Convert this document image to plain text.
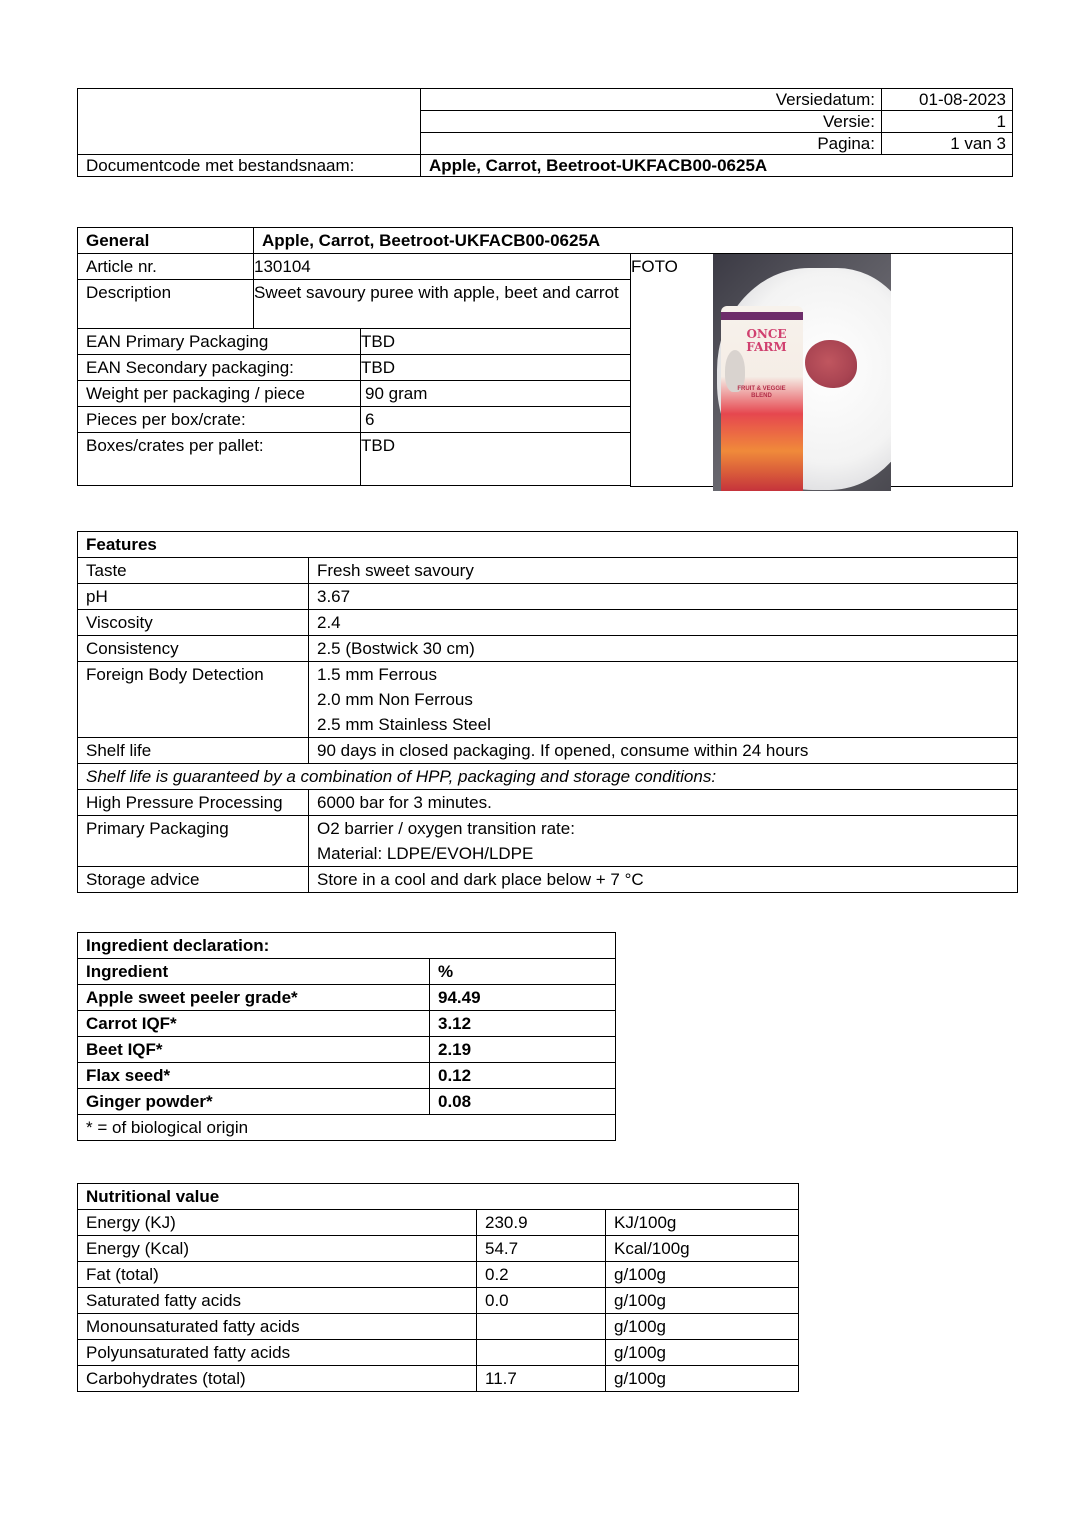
	Versiedatum:	01-08-2023
	Versie:	1
	Pagina:	1 van 3
Documentcode met bestandsnaam:	Apple, Carrot, Beetroot-UKFACB00-0625A	
General	Apple, Carrot, Beetroot-UKFACB00-0625A				
Article nr.	130104		FOTO	ONCE FARM
FRUIT & VEGGIE BLEND	

Description	Sweet savoury puree with apple, beet and carrot				
EAN Primary Packaging		TBD			
EAN Secondary packaging:		TBD			
Weight per packaging / piece		90 gram			
Pieces per box/crate:		6			
Boxes/crates per pallet:		TBD			

Features	
Taste	Fresh sweet savoury
pH	3.67
Viscosity	2.4
Consistency	2.5 (Bostwick 30 cm)
Foreign Body Detection	1.5 mm Ferrous
2.0 mm Non Ferrous
2.5 mm Stainless Steel

Shelf life	90 days in closed packaging. If opened, consume within 24 hours
Shelf life is guaranteed by a combination of HPP, packaging and storage conditions:	
High Pressure Processing	6000 bar for 3 minutes.
Primary Packaging	O2 barrier / oxygen transition rate:
Material: LDPE/EVOH/LDPE

Storage advice	Store in a cool and dark place below + 7 °C
Ingredient declaration:	
Ingredient	%
Apple sweet peeler grade*	94.49
Carrot IQF*	3.12
Beet IQF*	2.19
Flax seed*	0.12
Ginger powder*	0.08
* = of biological origin	
Nutritional value		
Energy (KJ)	230.9	KJ/100g
Energy (Kcal)	54.7	Kcal/100g
Fat (total)	0.2	g/100g
Saturated fatty acids	0.0	g/100g
Monounsaturated fatty acids		g/100g
Polyunsaturated fatty acids		g/100g
Carbohydrates (total)	11.7	g/100g
